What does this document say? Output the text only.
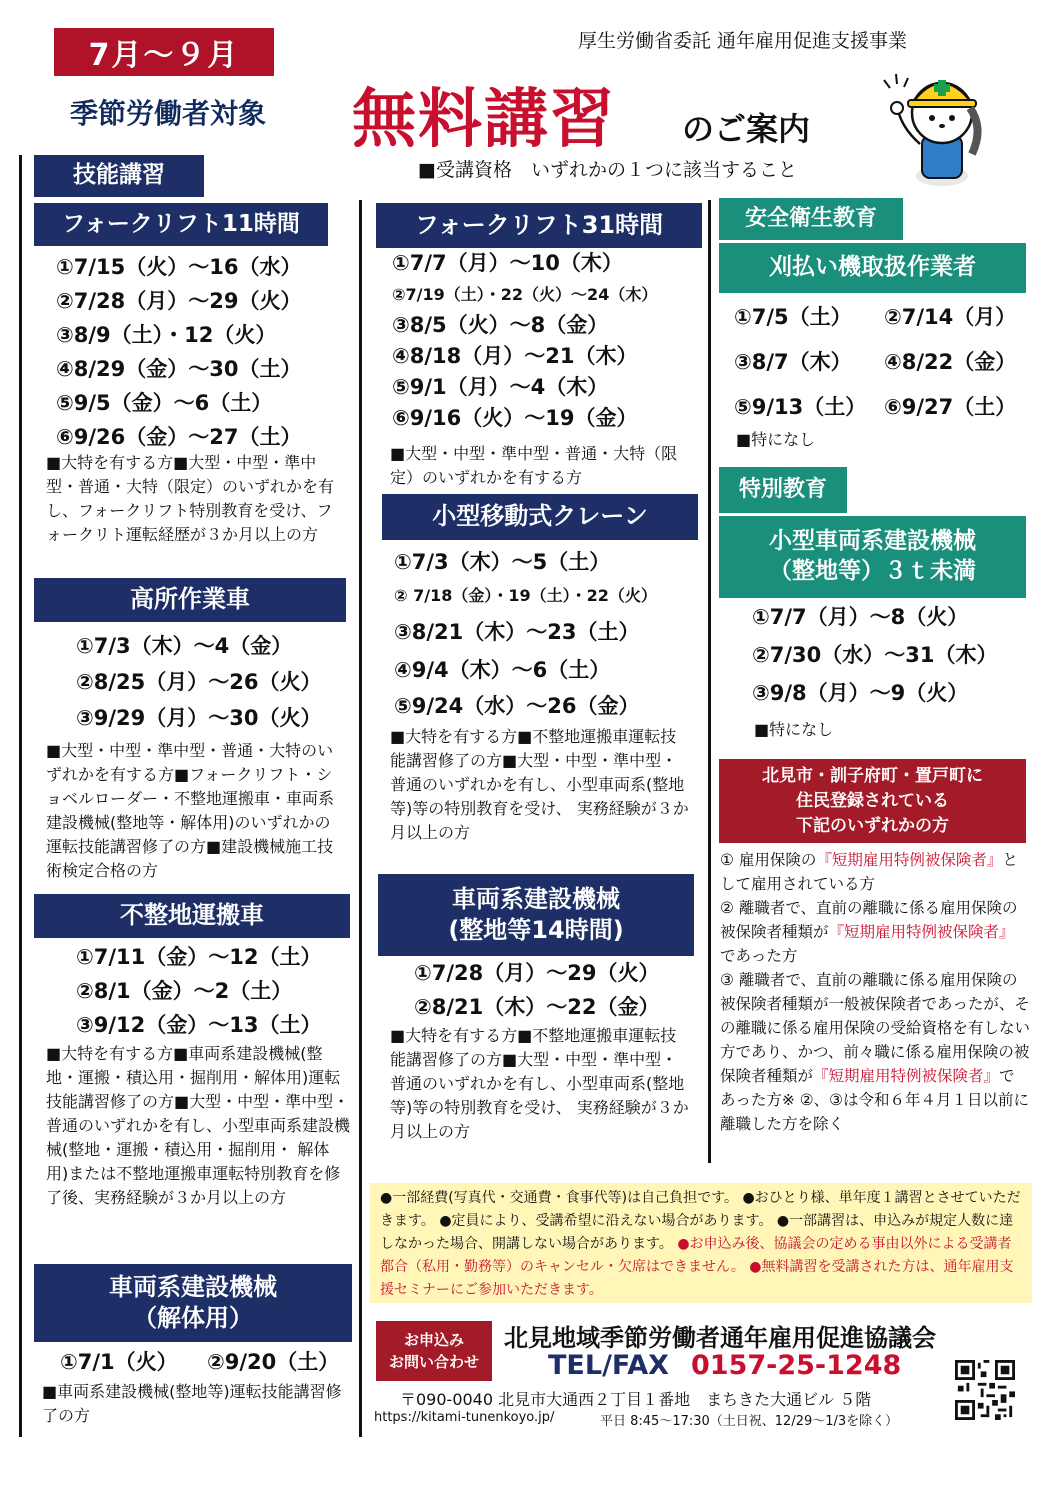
7月～９月	厚生労働省委託 通年雇用促進支援事業
季節労働者対象 無料講習 のご案内
■受講資格　いずれかの１つに該当すること
技能講習
フォークリフト11時間
①7/15（火）～16（水）
②7/28（月）～29（火）
③8/9（土）・12（火）
④8/29（金）～30（土）
⑤9/5（金）～6（土）
⑥9/26（金）～27（土）
■大特を有する方■大型・中型・準中型・普通・大特（限定）のいずれかを有し、フォークリフト特別教育を受け、フォークリト運転経歴が３か月以上の方
高所作業車
①7/3（木）～4（金）
②8/25（月）～26（火）
③9/29（月）～30（火）
■大型・中型・準中型・普通・大特のいずれかを有する方■フォークリフト・ショベルローダー・不整地運搬車・車両系建設機械(整地等・解体用)のいずれかの運転技能講習修了の方■建設機械施工技術検定合格の方
不整地運搬車
①7/11（金）～12（土）
②8/1（金）～2（土）
③9/12（金）～13（土）
■大特を有する方■車両系建設機械(整地・運搬・積込用・掘削用・解体用)運転技能講習修了の方■大型・中型・準中型・普通のいずれかを有し、小型車両系建設機械(整地・運搬・積込用・掘削用・ 解体用)または不整地運搬車運転特別教育を修了後、実務経験が３か月以上の方
車両系建設機械
（解体用）
①7/1（火） ②9/20（土）
■車両系建設機械(整地等)運転技能講習修了の方
フォークリフト31時間
①7/7（月）～10（木）
②7/19（土）・22（火）～24（木）
③8/5（火）～8（金）
④8/18（月）～21（木）
⑤9/1（月）～4（木）
⑥9/16（火）～19（金）
■大型・中型・準中型・普通・大特（限定）のいずれかを有する方
小型移動式クレーン
①7/3（木）～5（土）
② 7/18（金）・19（土）・22（火）
③8/21（木）～23（土）
④9/4（木）～6（土）
⑤9/24（水）～26（金）
■大特を有する方■不整地運搬車運転技能講習修了の方■大型・中型・準中型・普通のいずれかを有し、小型車両系(整地等)等の特別教育を受け、 実務経験が３か月以上の方
車両系建設機械
(整地等14時間)
①7/28（月）～29（火）
②8/21（木）～22（金）
■大特を有する方■不整地運搬車運転技能講習修了の方■大型・中型・準中型・普通のいずれかを有し、小型車両系(整地等)等の特別教育を受け、 実務経験が３か月以上の方
安全衛生教育
刈払い機取扱作業者
①7/5（土）	②7/14（月）
③8/7（木）	④8/22（金）
⑤9/13（土） ⑥9/27（土）
■特になし
特別教育
小型車両系建設機械
（整地等）３ｔ未満
①7/7（月）～8（火）
②7/30（水）～31（木）
③9/8（月）～9（火）
■特になし
北見市・訓子府町・置戸町に
住民登録されている
下記のいずれかの方
① 雇用保険の『短期雇用特例被保険者』として雇用されている方
② 離職者で、直前の離職に係る雇用保険の被保険者種類が『短期雇用特例被保険者』であった方
③ 離職者で、直前の離職に係る雇用保険の被保険者種類が一般被保険者であったが、その離職に係る雇用保険の受給資格を有しない方であり、かつ、前々職に係る雇用保険の被保険者種類が『短期雇用特例被保険者』であった方※ ②、③は令和６年４月１日以前に離職した方を除く
●一部経費(写真代・交通費・食事代等)は自己負担です。 ●おひとり様、単年度１講習とさせていただきます。 ●定員により、受講希望に沿えない場合があります。 ●一部講習は、申込みが規定人数に達しなかった場合、開講しない場合があります。 ●お申込み後、協議会の定める事由以外による受講者都合（私用・勤務等）のキャンセル・欠席はできません。 ●無料講習を受講された方は、通年雇用支援セミナーにご参加いただきます。
お申込み
お問い合わせ
北見地域季節労働者通年雇用促進協議会
TEL/FAX 0157-25-1248
〒090-0040 北見市大通西２丁目１番地　まちきた大通ビル ５階
https://kitami-tunenkoyo.jp/	平日 8:45～17:30（土日祝、12/29～1/3を除く）
